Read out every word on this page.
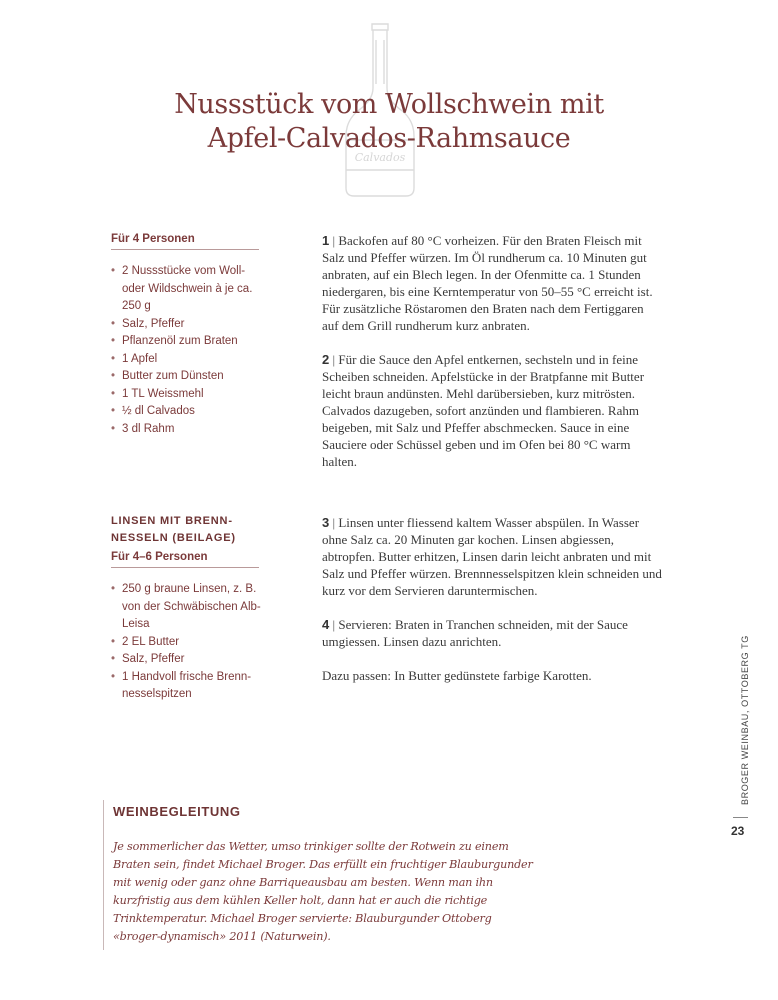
Calvados
Nussstück vom Wollschwein mit
Apfel-Calvados-Rahmsauce
Für 4 Personen
• 2 Nussstücke vom Woll- oder Wildschwein à je ca. 250 g
• Salz, Pfeffer
• Pflanzenöl zum Braten
• 1 Apfel
• Butter zum Dünsten
• 1 TL Weissmehl
• ½ dl Calvados
• 3 dl Rahm

1 | Backofen auf 80 °C vorheizen. Für den Braten Fleisch mit Salz und Pfeffer würzen. Im Öl rundherum ca. 10 Minuten gut anbraten, auf ein Blech legen. In der Ofenmitte ca. 1 Stunden niedergaren, bis eine Kerntemperatur von 50–55 °C erreicht ist. Für zusätzliche Röstaromen den Braten nach dem Fertiggaren auf dem Grill rundherum kurz anbraten.

2 | Für die Sauce den Apfel entkernen, sechsteln und in feine Scheiben schneiden. Apfelstücke in der Bratpfanne mit Butter leicht braun andünsten. Mehl darübersieben, kurz mitrösten. Calvados dazugeben, sofort anzünden und flambieren. Rahm beigeben, mit Salz und Pfeffer abschmecken. Sauce in eine Sauciere oder Schüssel geben und im Ofen bei 80 °C warm halten.

LINSEN MIT BRENNNESSELN (BEILAGE)
Für 4–6 Personen
• 250 g braune Linsen, z. B. von der Schwäbischen Alb-Leisa
• 2 EL Butter
• Salz, Pfeffer
• 1 Handvoll frische Brennnesselspitzen

3 | Linsen unter fliessend kaltem Wasser abspülen. In Wasser ohne Salz ca. 20 Minuten gar kochen. Linsen abgiessen, abtropfen. Butter erhitzen, Linsen darin leicht anbraten und mit Salz und Pfeffer würzen. Brennnesselspitzen klein schneiden und kurz vor dem Servieren daruntermischen.

4 | Servieren: Braten in Tranchen schneiden, mit der Sauce umgiessen. Linsen dazu anrichten.

Dazu passen: In Butter gedünstete farbige Karotten.

WEINBEGLEITUNG
Je sommerlicher das Wetter, umso trinkiger sollte der Rotwein zu einem Braten sein, findet Michael Broger. Das erfüllt ein fruchtiger Blauburgunder mit wenig oder ganz ohne Barriqueausbau am besten. Wenn man ihn kurzfristig aus dem kühlen Keller holt, dann hat er auch die richtige Trinktemperatur. Michael Broger servierte: Blauburgunder Ottoberg «broger-dynamisch» 2011 (Naturwein).
BROGER WEINBAU, OTTOBERG TG
23
